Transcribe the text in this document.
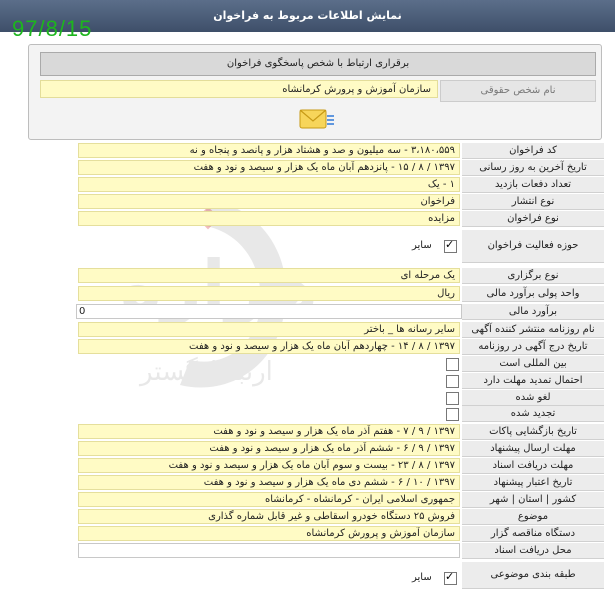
نمایش اطلاعات مربوط به فراخوان
97/8/15
برقراری ارتباط با شخص پاسخگوی فراخوان
نام شخص حقوقی
سازمان آموزش و پرورش کرمانشاه
ارتباط گستر
کد فراخوان
۳،۱۸۰،۵۵۹ - سه میلیون و صد و هشتاد هزار و پانصد و پنجاه و نه
تاریخ آخرین به روز رسانی
۱۳۹۷ / ۸ / ۱۵ - پانزدهم آبان ماه یک هزار و سیصد و نود و هفت
تعداد دفعات بازدید
۱ - یک
نوع انتشار
فراخوان
نوع فراخوان
مزایده
حوزه فعالیت فراخوان
✓
سایر
نوع برگزاری
یک مرحله ای
واحد پولی برآورد مالی
ریال
برآورد مالی
0
نام روزنامه منتشر کننده آگهی
سایر رسانه ها _ باختر
تاریخ درج آگهی در روزنامه
۱۳۹۷ / ۸ / ۱۴ - چهاردهم آبان ماه یک هزار و سیصد و نود و هفت
بین المللی است
احتمال تمدید مهلت دارد
لغو شده
تجدید شده
تاریخ بازگشایی پاکات
۱۳۹۷ / ۹ / ۷ - هفتم آذر ماه یک هزار و سیصد و نود و هفت
مهلت ارسال پیشنهاد
۱۳۹۷ / ۹ / ۶ - ششم آذر ماه یک هزار و سیصد و نود و هفت
مهلت دریافت اسناد
۱۳۹۷ / ۸ / ۲۳ - بیست و سوم آبان ماه یک هزار و سیصد و نود و هفت
تاریخ اعتبار پیشنهاد
۱۳۹۷ / ۱۰ / ۶ - ششم دی ماه یک هزار و سیصد و نود و هفت
کشور | استان | شهر
جمهوری اسلامی ایران - کرمانشاه - کرمانشاه
موضوع
فروش ۲۵ دستگاه خودرو اسقاطی و غیر قابل شماره گذاری
دستگاه مناقصه گزار
سازمان آموزش و پرورش کرمانشاه
محل دریافت اسناد
طبقه بندی موضوعی
✓
سایر
